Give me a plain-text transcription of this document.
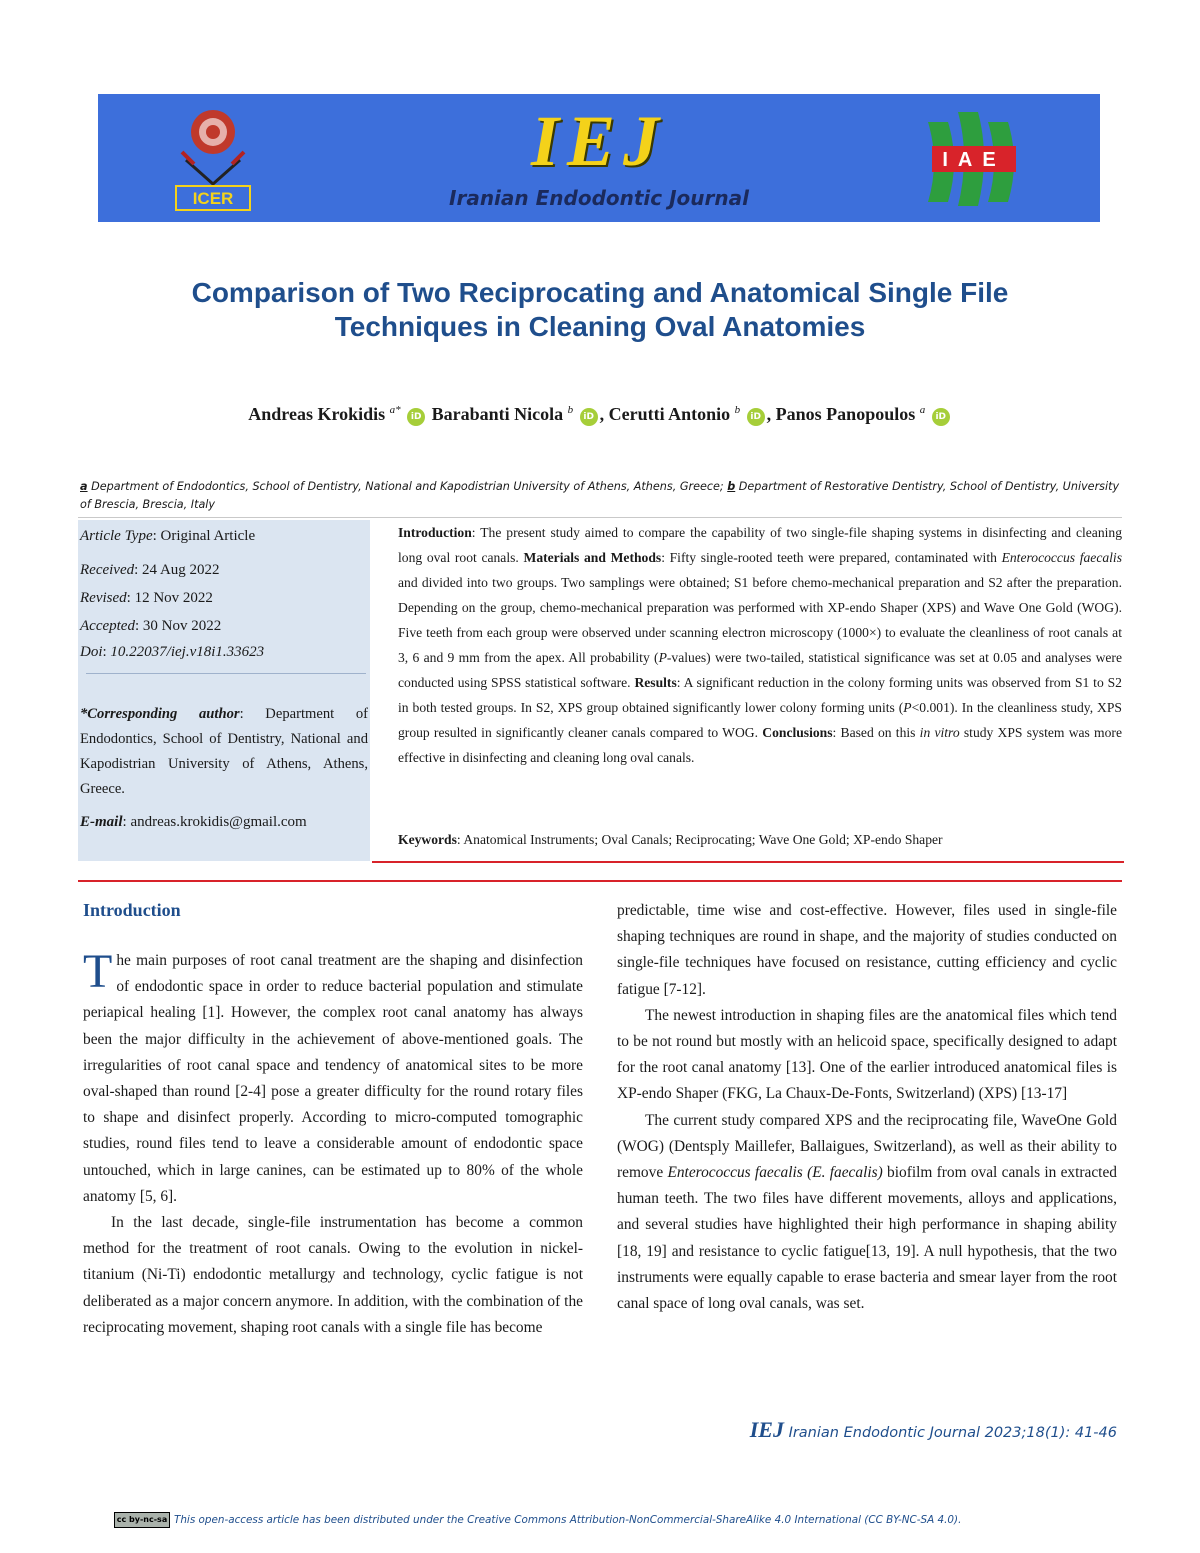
ICER
IEJ
Iranian Endodontic Journal
IAE
Comparison of Two Reciprocating and Anatomical Single File
Techniques in Cleaning Oval Anatomies
Andreas Krokidis $^{a*}$ iD Barabanti Nicola $^b$ iD , Cerutti Antonio $^b$ iD , Panos Panopoulos $^a$ iD
a Department of Endodontics, School of Dentistry, National and Kapodistrian University of Athens, Athens, Greece; b Department of Restorative Dentistry, School of Dentistry, University of Brescia, Brescia, Italy
Article Type: Original Article
Received: 24 Aug 2022
Revised: 12 Nov 2022
Accepted: 30 Nov 2022
Doi: 10.22037/iej.v18i1.33623
*Corresponding author: Department of Endodontics, School of Dentistry, National and Kapodistrian University of Athens, Athens, Greece.
E-mail: andreas.krokidis@gmail.com
Introduction: The present study aimed to compare the capability of two single-file shaping systems in disinfecting and cleaning long oval root canals. Materials and Methods: Fifty single-rooted teeth were prepared, contaminated with Enterococcus faecalis and divided into two groups. Two samplings were obtained; S1 before chemo-mechanical preparation and S2 after the preparation. Depending on the group, chemo-mechanical preparation was performed with XP-endo Shaper (XPS) and Wave One Gold (WOG). Five teeth from each group were observed under scanning electron microscopy (1000×) to evaluate the cleanliness of root canals at 3, 6 and 9 mm from the apex. All probability (P-values) were two-tailed, statistical significance was set at 0.05 and analyses were conducted using SPSS statistical software. Results: A significant reduction in the colony forming units was observed from S1 to S2 in both tested groups. In S2, XPS group obtained significantly lower colony forming units (P<0.001). In the cleanliness study, XPS group resulted in significantly cleaner canals compared to WOG. Conclusions: Based on this in vitro study XPS system was more effective in disinfecting and cleaning long oval canals.
Keywords: Anatomical Instruments; Oval Canals; Reciprocating; Wave One Gold; XP-endo Shaper
Introduction

The main purposes of root canal treatment are the shaping and disinfection of endodontic space in order to reduce bacterial population and stimulate periapical healing [1]. However, the complex root canal anatomy has always been the major difficulty in the achievement of above-mentioned goals. The irregularities of root canal space and tendency of anatomical sites to be more oval-shaped than round [2-4] pose a greater difficulty for the round rotary files to shape and disinfect properly. According to micro-computed tomographic studies, round files tend to leave a considerable amount of endodontic space untouched, which in large canines, can be estimated up to 80% of the whole anatomy [5, 6].

In the last decade, single-file instrumentation has become a common method for the treatment of root canals. Owing to the evolution in nickel-titanium (Ni-Ti) endodontic metallurgy and technology, cyclic fatigue is not deliberated as a major concern anymore. In addition, with the combination of the reciprocating movement, shaping root canals with a single file has become

predictable, time wise and cost-effective. However, files used in single-file shaping techniques are round in shape, and the majority of studies conducted on single-file techniques have focused on resistance, cutting efficiency and cyclic fatigue [7-12].

The newest introduction in shaping files are the anatomical files which tend to be not round but mostly with an helicoid space, specifically designed to adapt for the root canal anatomy [13]. One of the earlier introduced anatomical files is XP-endo Shaper (FKG, La Chaux-De-Fonts, Switzerland) (XPS) [13-17]

The current study compared XPS and the reciprocating file, WaveOne Gold (WOG) (Dentsply Maillefer, Ballaigues, Switzerland), as well as their ability to remove Enterococcus faecalis (E. faecalis) biofilm from oval canals in extracted human teeth. The two files have different movements, alloys and applications, and several studies have highlighted their high performance in shaping ability [18, 19] and resistance to cyclic fatigue[13, 19]. A null hypothesis, that the two instruments were equally capable to erase bacteria and smear layer from the root canal space of long oval canals, was set.

IEJ Iranian Endodontic Journal 2023;18(1): 41-46
cc by-nc-sa This open-access article has been distributed under the Creative Commons Attribution-NonCommercial-ShareAlike 4.0 International (CC BY-NC-SA 4.0).
